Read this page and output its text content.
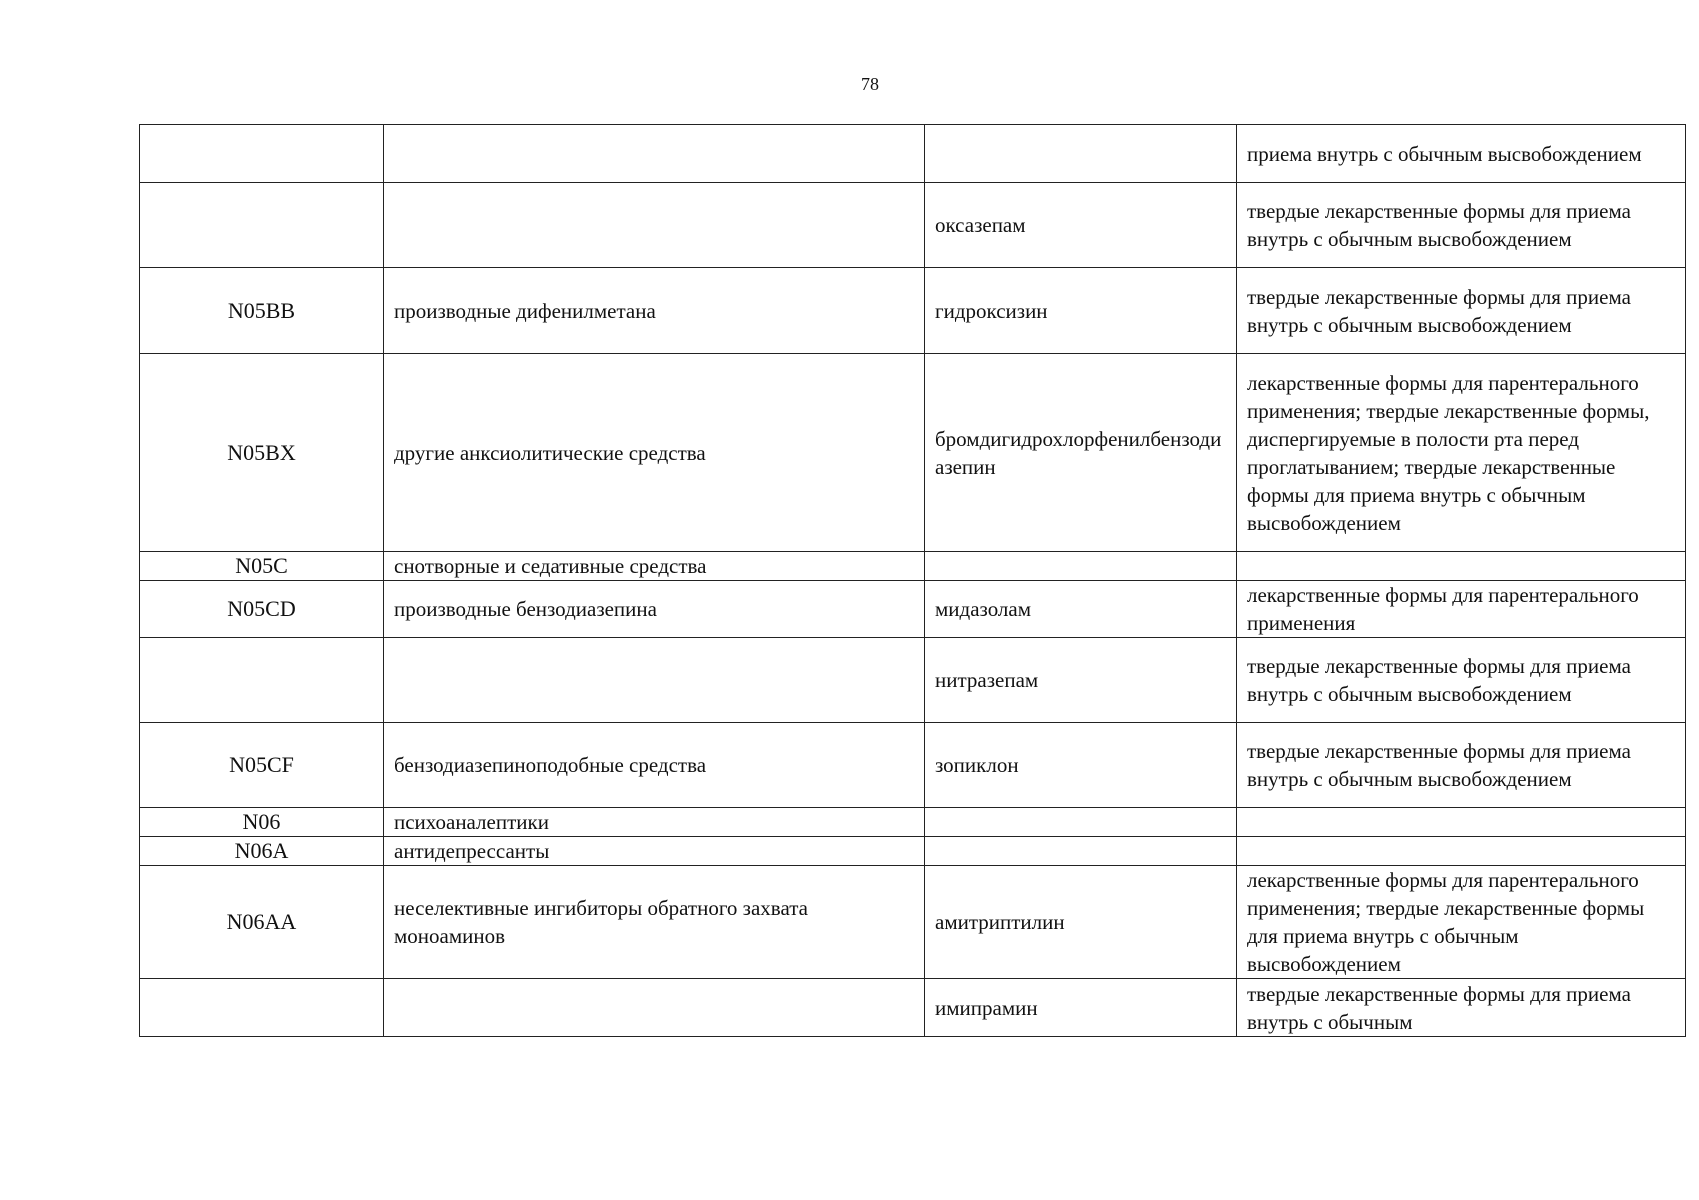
78
			приема внутрь с обычным высвобождением
		оксазепам	твердые лекарственные формы для приема внутрь с обычным высвобождением
N05BB	производные дифенилметана	гидроксизин	твердые лекарственные формы для приема внутрь с обычным высвобождением
N05BX	другие анксиолитические средства	бромдигидрохлорфенилбензодиазепин	лекарственные формы для парентерального применения; твердые лекарственные формы, диспергируемые в полости рта перед проглатыванием; твердые лекарственные формы для приема внутрь с обычным высвобождением
N05C	снотворные и седативные средства		
N05CD	производные бензодиазепина	мидазолам	лекарственные формы для парентерального применения
		нитразепам	твердые лекарственные формы для приема внутрь с обычным высвобождением
N05CF	бензодиазепиноподобные средства	зопиклон	твердые лекарственные формы для приема внутрь с обычным высвобождением
N06	психоаналептики		
N06A	антидепрессанты		
N06AA	неселективные ингибиторы обратного захвата моноаминов	амитриптилин	лекарственные формы для парентерального применения; твердые лекарственные формы для приема внутрь с обычным высвобождением
		имипрамин	твердые лекарственные формы для приема внутрь с обычным
